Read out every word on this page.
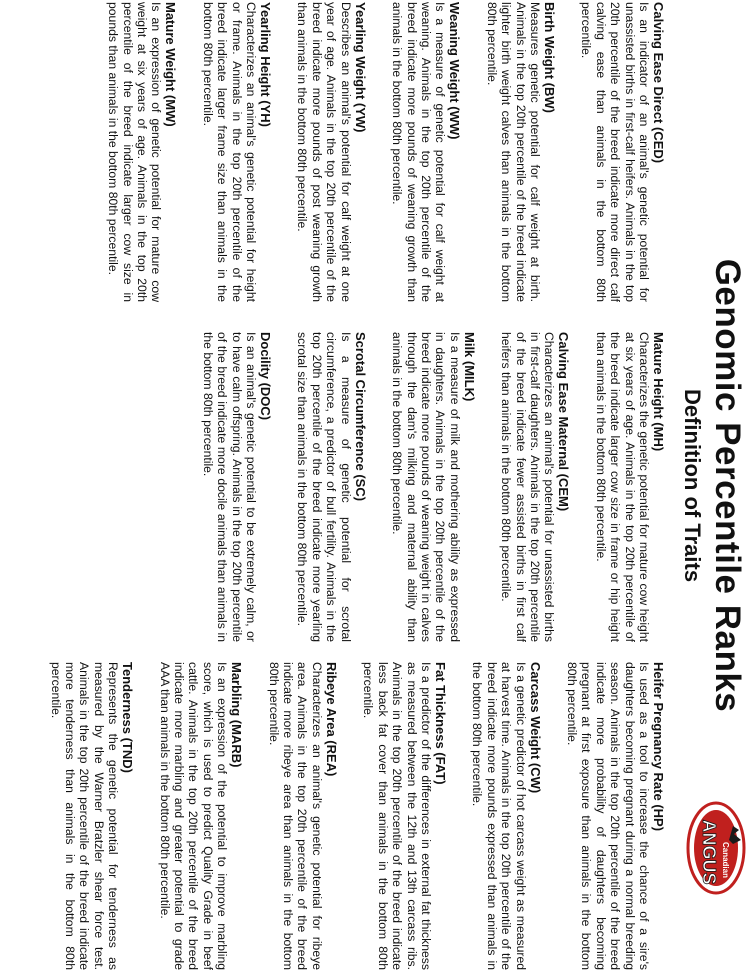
Genomic Percentile Ranks
Definition of Traits
Canadian
ANGUS
Calving Ease Direct (CED)

Is an indicator of an animal's genetic potential for unassisted births in first-calf heifers. Animals in the top 20th percentile of the breed indicate more direct calf calving ease than animals in the bottom 80th percentile.

Birth Weight (BW)

Measures genetic potential for calf weight at birth. Animals in the top 20th percentile of the breed indicate lighter birth weight calves than animals in the bottom 80th percentile.

Weaning Weight (WW)

Is a measure of genetic potential for calf weight at weaning. Animals in the top 20th percentile of the breed indicate more pounds of weaning growth than animals in the bottom 80th percentile.

Yearling Weight (YW)

Describes an animal's potential for calf weight at one year of age. Animals in the top 20th percentile of the breed indicate more pounds of post weaning growth than animals in the bottom 80th percentile.

Yearling Height (YH)

Characterizes an animal's genetic potential for height or frame. Animals in the top 20th percentile of the breed indicate larger frame size than animals in the bottom 80th percentile.

Mature Weight (MW)

Is an expression of genetic potential for mature cow weight at six years of age. Animals in the top 20th percentile of the breed indicate larger cow size in pounds than animals in the bottom 80th percentile.

Mature Height (MH)

Characterizes the genetic potential for mature cow height at six years of age. Animals in the top 20th percentile of the breed indicate larger cow size in frame or hip height than animals in the bottom 80th percentile.

Calving Ease Maternal (CEM)

Characterizes an animal's potential for unassisted births in first-calf daughters. Animals in the top 20th percentile of the breed indicate fewer assisted births in first calf heifers than animals in the bottom 80th percentile.

Milk (MILK)

Is a measure of milk and mothering ability as expressed in daughters. Animals in the top 20th percentile of the breed indicate more pounds of weaning weight in calves through the dam's milking and maternal ability than animals in the bottom 80th percentile.

Scrotal Circumference (SC)

Is a measure of genetic potential for scrotal circumference, a predictor of bull fertility. Animals in the top 20th percentile of the breed indicate more yearling scrotal size than animals in the bottom 80th percentile.

Docility (DOC)

Is an animal's genetic potential to be extremely calm, or to have calm offspring. Animals in the top 20th percentile of the breed indicate more docile animals than animals in the bottom 80th percentile.

Heifer Pregnancy Rate (HP)

Is used as a tool to increase the chance of a sire's daughters becoming pregnant during a normal breeding season. Animals in the top 20th percentile of the breed indicate more probability of daughters becoming pregnant at first exposure than animals in the bottom 80th percentile.

Carcass Weight (CW)

Is a genetic predictor of hot carcass weight as measured at harvest time. Animals in the top 20th percentile of the breed indicate more pounds expressed than animals in the bottom 80th percentile.

Fat Thickness (FAT)

Is a predictor of the differences in external fat thickness as measured between the 12th and 13th carcass ribs. Animals in the top 20th percentile of the breed indicate less back fat cover than animals in the bottom 80th percentile.

Ribeye Area (REA)

Characterizes an animal's genetic potential for ribeye area. Animals in the top 20th percentile of the breed indicate more ribeye area than animals in the bottom 80th percentile.

Marbling (MARB)

Is an expression of the potential to improve marbling score, which is used to predict Quality Grade in beef cattle. Animals in the top 20th percentile of the breed indicate more marbling and greater potential to grade AAA than animals in the bottom 80th percentile.

Tenderness (TND)

Represents the genetic potential for tenderness as measured by the Warner Bratzler shear force test. Animals in the top 20th percentile of the breed indicate more tenderness than animals in the bottom 80th percentile.
